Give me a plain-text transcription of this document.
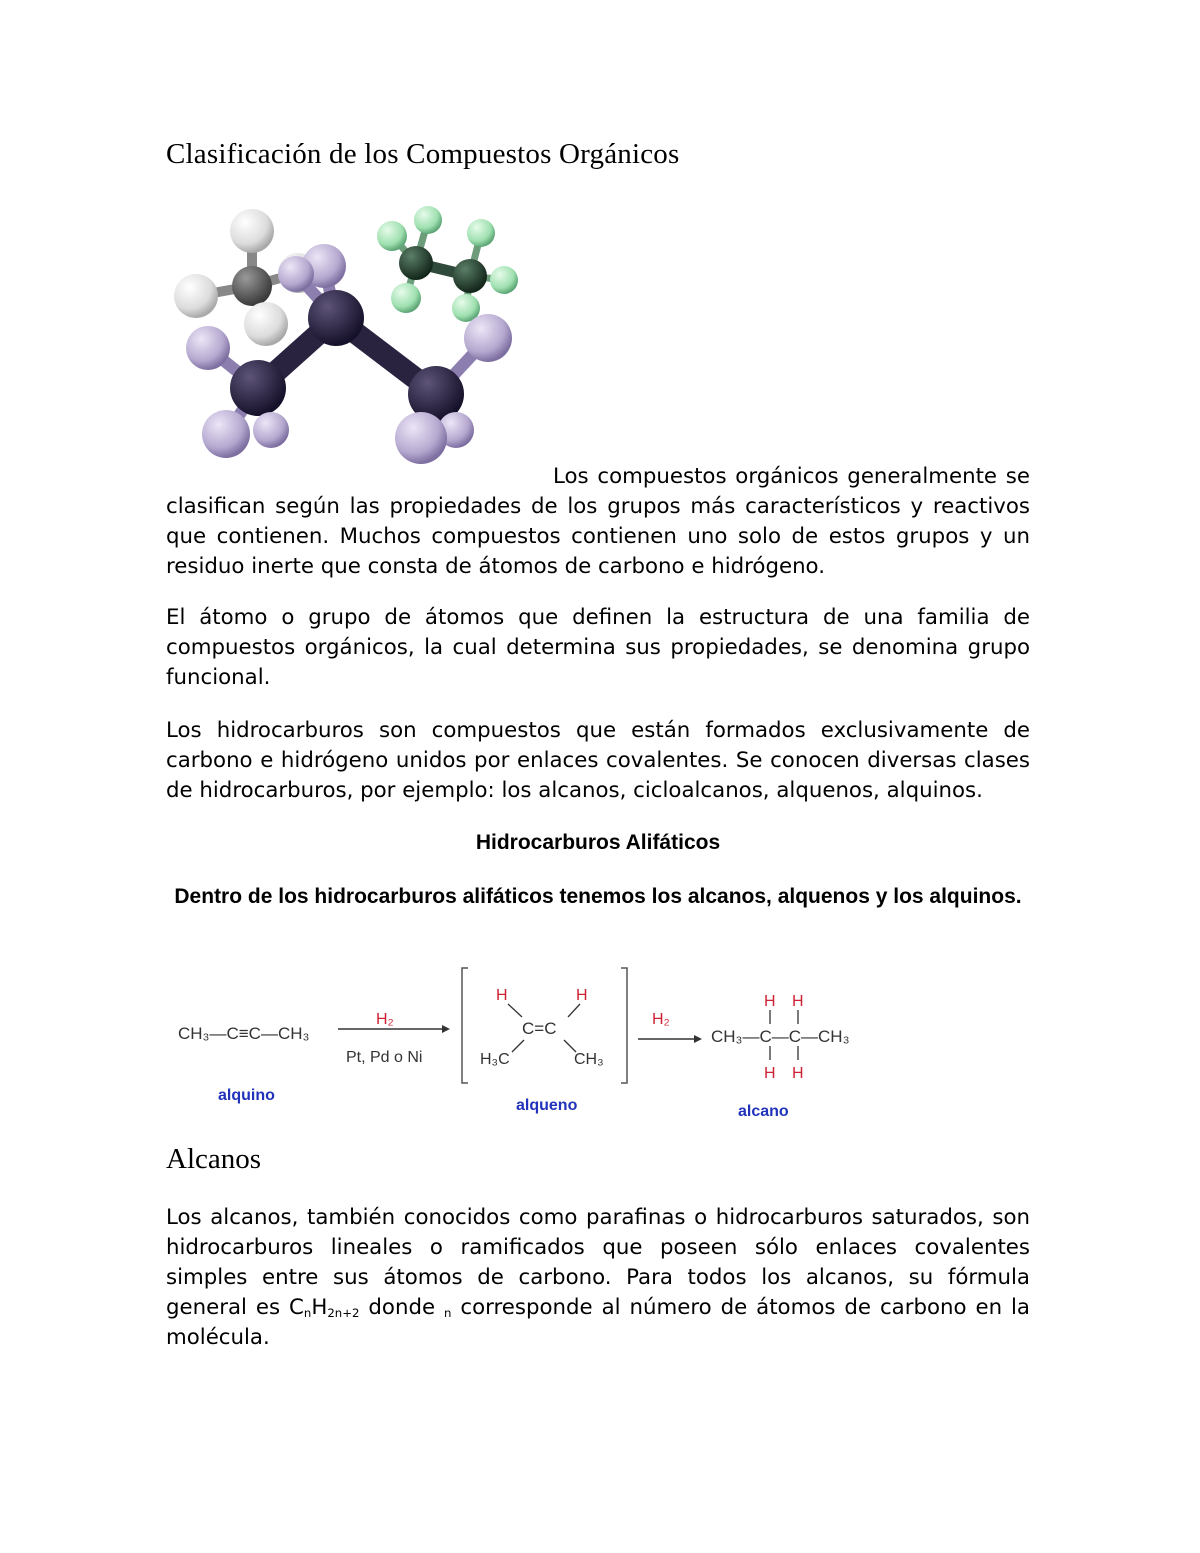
Clasificación de los Compuestos Orgánicos
Los compuestos orgánicos generalmente se clasifican según las propiedades de los grupos más característicos y reactivos que contienen. Muchos compuestos contienen uno solo de estos grupos y un residuo inerte que consta de átomos de carbono e hidrógeno.
El átomo o grupo de átomos que definen la estructura de una familia de compuestos orgánicos, la cual determina sus propiedades, se denomina grupo funcional.
Los hidrocarburos son compuestos que están formados exclusivamente de carbono e hidrógeno unidos por enlaces covalentes. Se conocen diversas clases de hidrocarburos, por ejemplo: los alcanos, cicloalcanos, alquenos, alquinos.
Hidrocarburos Alifáticos
Dentro de los hidrocarburos alifáticos tenemos los alcanos, alquenos y los alquinos.
CH₃—C≡C—CH₃
H₂
Pt, Pd o Ni
alquino
H	H
C=C
H₃C	CH₃
alqueno
H₂
CH₃—C—C—CH₃
H H
H H
alcano
Alcanos
Los alcanos, también conocidos como parafinas o hidrocarburos saturados, son hidrocarburos lineales o ramificados que poseen sólo enlaces covalentes simples entre sus átomos de carbono. Para todos los alcanos, su fórmula general es $C_nH_{2n+2}$ donde $_n$ corresponde al número de átomos de carbono en la molécula.
